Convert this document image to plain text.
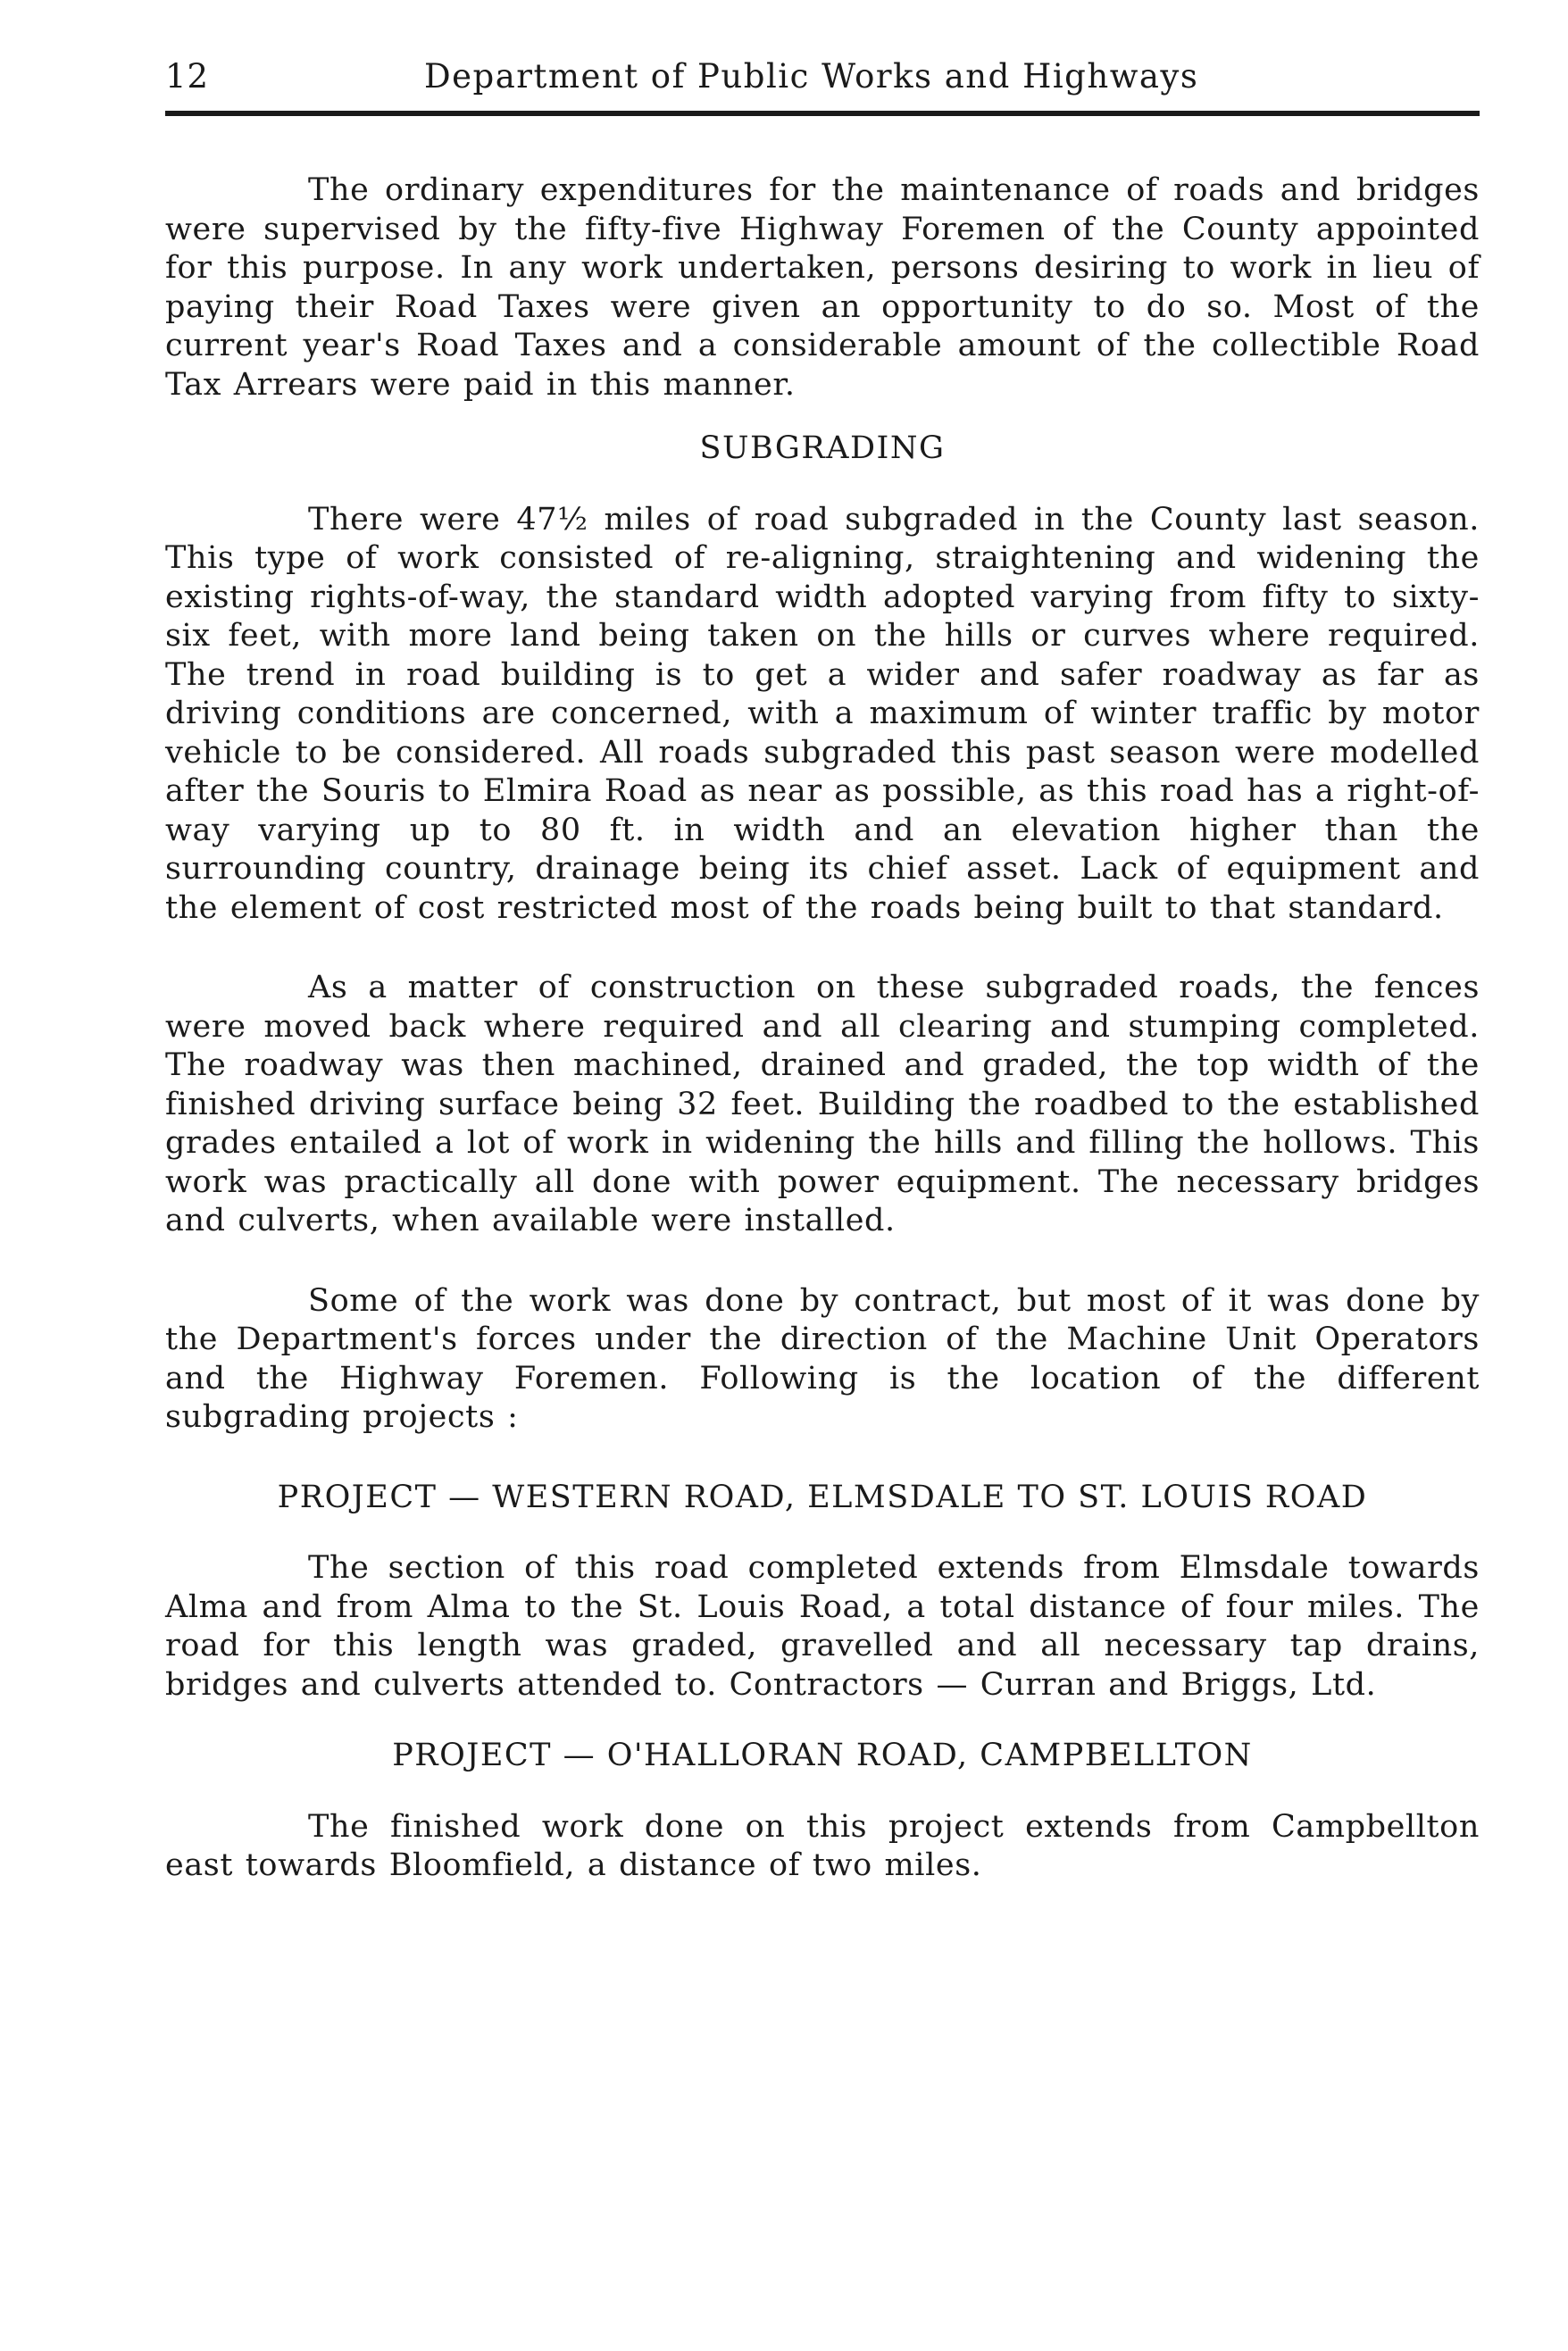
12	Department of Public Works and Highways

The ordinary expenditures for the maintenance of roads and bridges were supervised by the fifty-five Highway Foremen of the County appointed for this purpose. In any work undertaken, persons desiring to work in lieu of paying their Road Taxes were given an opportunity to do so. Most of the current year's Road Taxes and a considerable amount of the collectible Road Tax Arrears were paid in this manner.

SUBGRADING

There were 47½ miles of road subgraded in the County last season. This type of work consisted of re-aligning, straightening and widening the existing rights-of-way, the standard width adopted varying from fifty to sixty-six feet, with more land being taken on the hills or curves where required. The trend in road building is to get a wider and safer roadway as far as driving conditions are concerned, with a maximum of winter traffic by motor vehicle to be considered. All roads subgraded this past season were modelled after the Souris to Elmira Road as near as possible, as this road has a right-of-way varying up to 80 ft. in width and an elevation higher than the surrounding country, drainage being its chief asset. Lack of equipment and the element of cost restricted most of the roads being built to that standard.

As a matter of construction on these subgraded roads, the fences were moved back where required and all clearing and stumping completed. The roadway was then machined, drained and graded, the top width of the finished driving surface being 32 feet. Building the roadbed to the established grades entailed a lot of work in widening the hills and filling the hollows. This work was practically all done with power equipment. The necessary bridges and culverts, when available were installed.

Some of the work was done by contract, but most of it was done by the Department's forces under the direction of the Machine Unit Operators and the Highway Foremen. Following is the location of the different subgrading projects :

PROJECT — WESTERN ROAD, ELMSDALE TO ST. LOUIS ROAD

The section of this road completed extends from Elmsdale towards Alma and from Alma to the St. Louis Road, a total distance of four miles. The road for this length was graded, gravelled and all necessary tap drains, bridges and culverts attended to. Contractors — Curran and Briggs, Ltd.

PROJECT — O'HALLORAN ROAD, CAMPBELLTON

The finished work done on this project extends from Campbellton east towards Bloomfield, a distance of two miles.
